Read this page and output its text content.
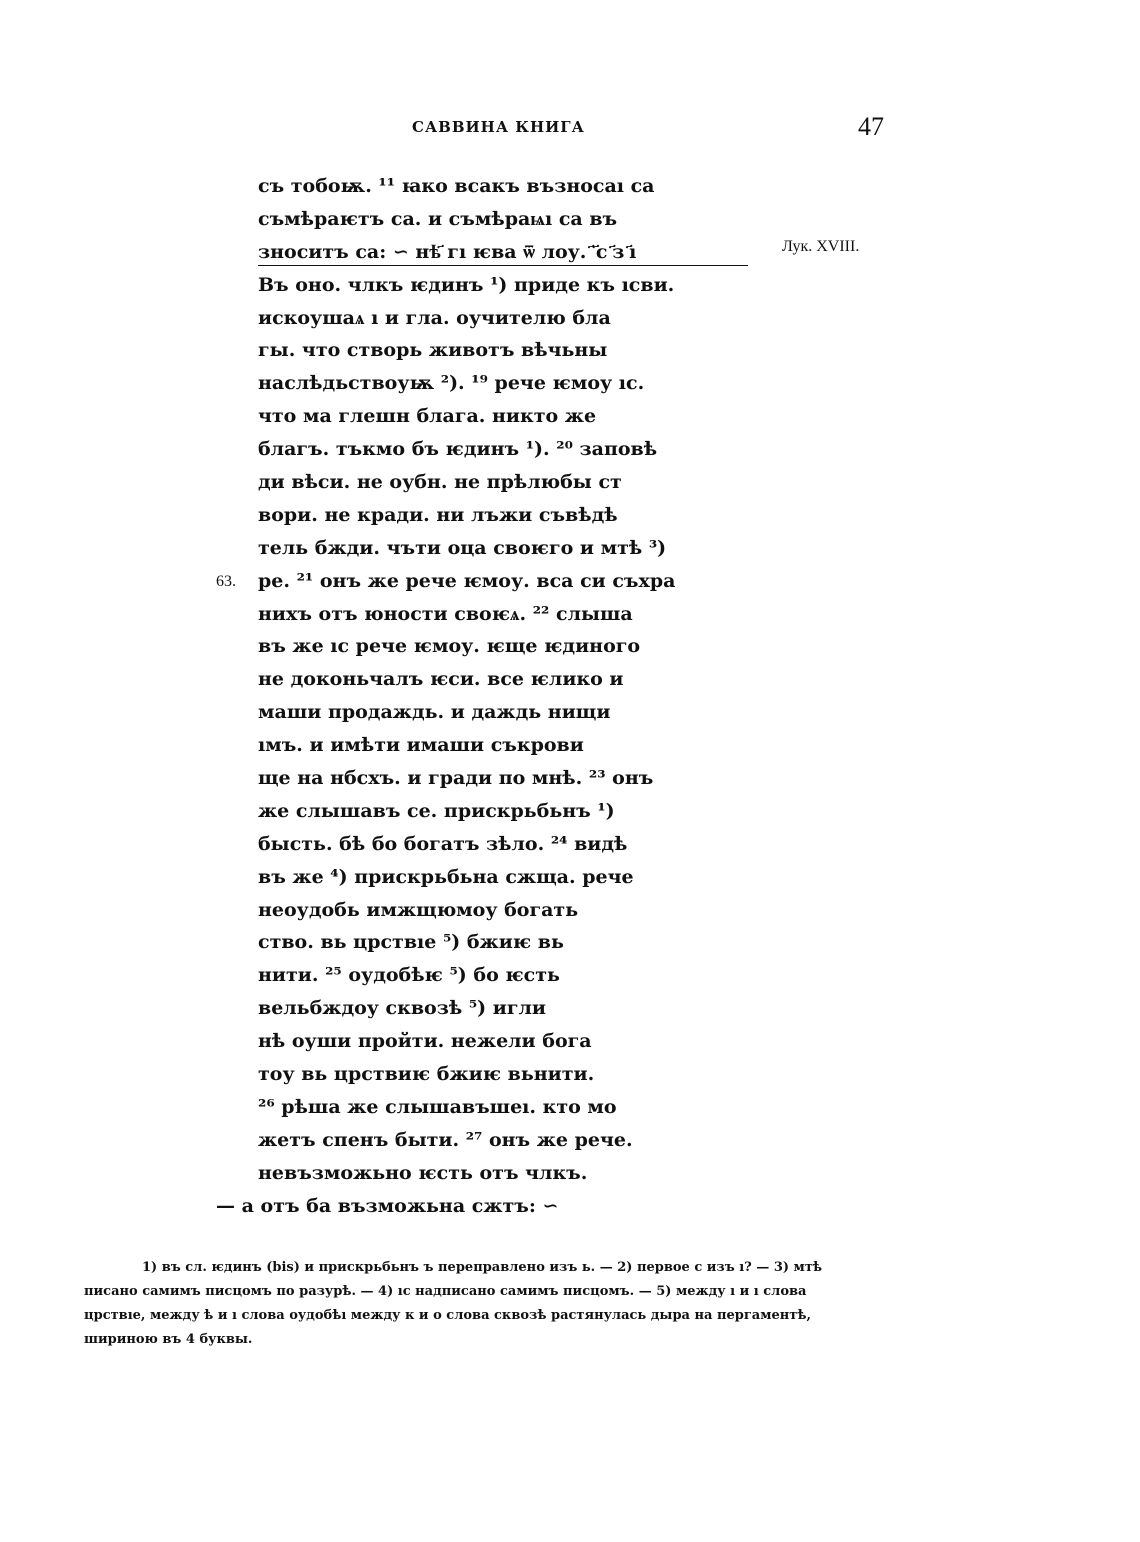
САВВИНА КНИГА	47
Лук. XVIII.
63.
съ тобоѭ. ¹¹ ꙗко всакъ възносаı са
съмѣраѥтъ са. и съмѣраѩı са въ
зноситъ са: ∽ нѣ҃ гı ѥва ѿ лоу. ҃ ҃с ҃з ҃ı
Въ оно. члкъ ѥдинъ ¹) приде къ ıсви.
искоушаѧ ı и гла. оучителю бла
гы. что створь животъ вѣчьны
наслѣдьствоуѭ ²). ¹⁹ рече ѥмоу ıс.
что ма глешн блага. никто же
благъ. тъкмо бъ ѥдинъ ¹). ²⁰ заповѣ
ди вѣси. не оубн. не прѣлюбы ст
вори. не кради. ни лъжи съвѣдѣ
тель бжди. чъти оца своѥго и мтѣ ³)
ре. ²¹ онъ же рече ѥмоу. вса си съхра
нихъ отъ юности своѥѧ. ²² слыша
въ же ıс рече ѥмоу. ѥще ѥдиного
не доконьчалъ ѥси. все ѥлико и
маши продаждь. и даждь нищи
ıмъ. и имѣти имаши съкрови
ще на нбсхъ. и гради по мнѣ. ²³ онъ
же слышавъ се. прискрьбьнъ ¹)
бысть. бѣ бо богатъ зѣло. ²⁴ видѣ
въ же ⁴) прискрьбьна сжща. рече
неоудобь имжщюмоу богать
ство. вь црствıе ⁵) бжиѥ вь
нити. ²⁵ оудобѣѥ ⁵) бо ѥсть
вельбждоу сквозѣ ⁵) игли
нѣ оуши пройти. нежели бога
тоу вь црствиѥ бжиѥ вьнити.
²⁶ рѣша же слышавъшеı. кто мо
жетъ спенъ быти. ²⁷ онъ же рече.
невъзможьно ѥсть отъ члкъ.
— а отъ ба възможьна сжтъ: ∽
1) въ сл. ѥдинъ (bis) и прискрьбьнъ ъ переправлено изъ ь. — 2) первое с изъ ı? — 3) мтѣ
писано самимъ писцомъ по разурѣ. — 4) ıс надписано самимъ писцомъ. — 5) между ı и ı слова
црствıе, между ѣ и ı слова оудобѣı между к и о слова сквозѣ растянулась дыра на пергаментѣ,
шириною въ 4 буквы.
